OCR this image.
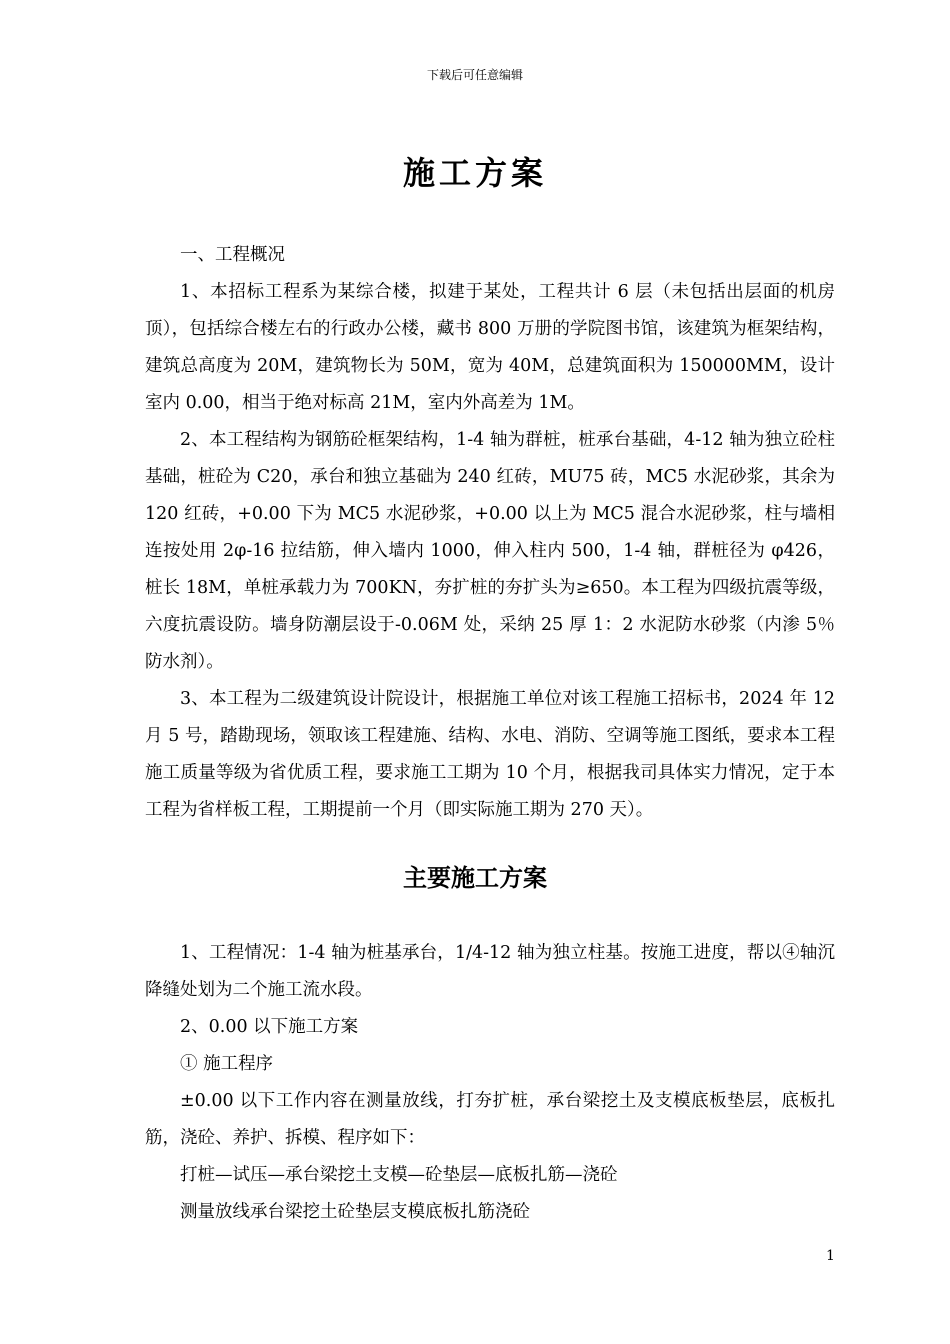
下载后可任意编辑
施工方案

一、工程概况

1、本招标工程系为某综合楼，拟建于某处，工程共计 6 层（未包括出层面的机房顶），包括综合楼左右的行政办公楼，藏书 800 万册的学院图书馆，该建筑为框架结构，建筑总高度为 20M，建筑物长为 50M，宽为 40M，总建筑面积为 150000MM，设计室内 0.00，相当于绝对标高 21M，室内外高差为 1M。

2、本工程结构为钢筋砼框架结构，1-4 轴为群桩，桩承台基础，4-12 轴为独立砼柱基础，桩砼为 C20，承台和独立基础为 240 红砖，MU75 砖，MC5 水泥砂浆，其余为 120 红砖，+0.00 下为 MC5 水泥砂浆，+0.00 以上为 MC5 混合水泥砂浆，柱与墙相连按处用 2φ-16 拉结筋，伸入墙内 1000，伸入柱内 500，1-4 轴，群桩径为 φ426，桩长 18M，单桩承载力为 700KN，夯扩桩的夯扩头为≥650。本工程为四级抗震等级，六度抗震设防。墙身防潮层设于-0.06M 处，采纳 25 厚 1：2 水泥防水砂浆（内渗 5％防水剂）。

3、本工程为二级建筑设计院设计，根据施工单位对该工程施工招标书，2024 年 12 月 5 号，踏勘现场，领取该工程建施、结构、水电、消防、空调等施工图纸，要求本工程施工质量等级为省优质工程，要求施工工期为 10 个月，根据我司具体实力情况，定于本工程为省样板工程，工期提前一个月（即实际施工期为 270 天）。

主要施工方案

1、工程情况：1-4 轴为桩基承台，1/4-12 轴为独立柱基。按施工进度，帮以④轴沉降缝处划为二个施工流水段。

2、0.00 以下施工方案

① 施工程序

±0.00 以下工作内容在测量放线，打夯扩桩，承台梁挖土及支模底板垫层，底板扎筋，浇砼、养护、拆模、程序如下：

打桩—试压—承台梁挖土支模—砼垫层—底板扎筋—浇砼

测量放线承台梁挖土砼垫层支模底板扎筋浇砼

1
